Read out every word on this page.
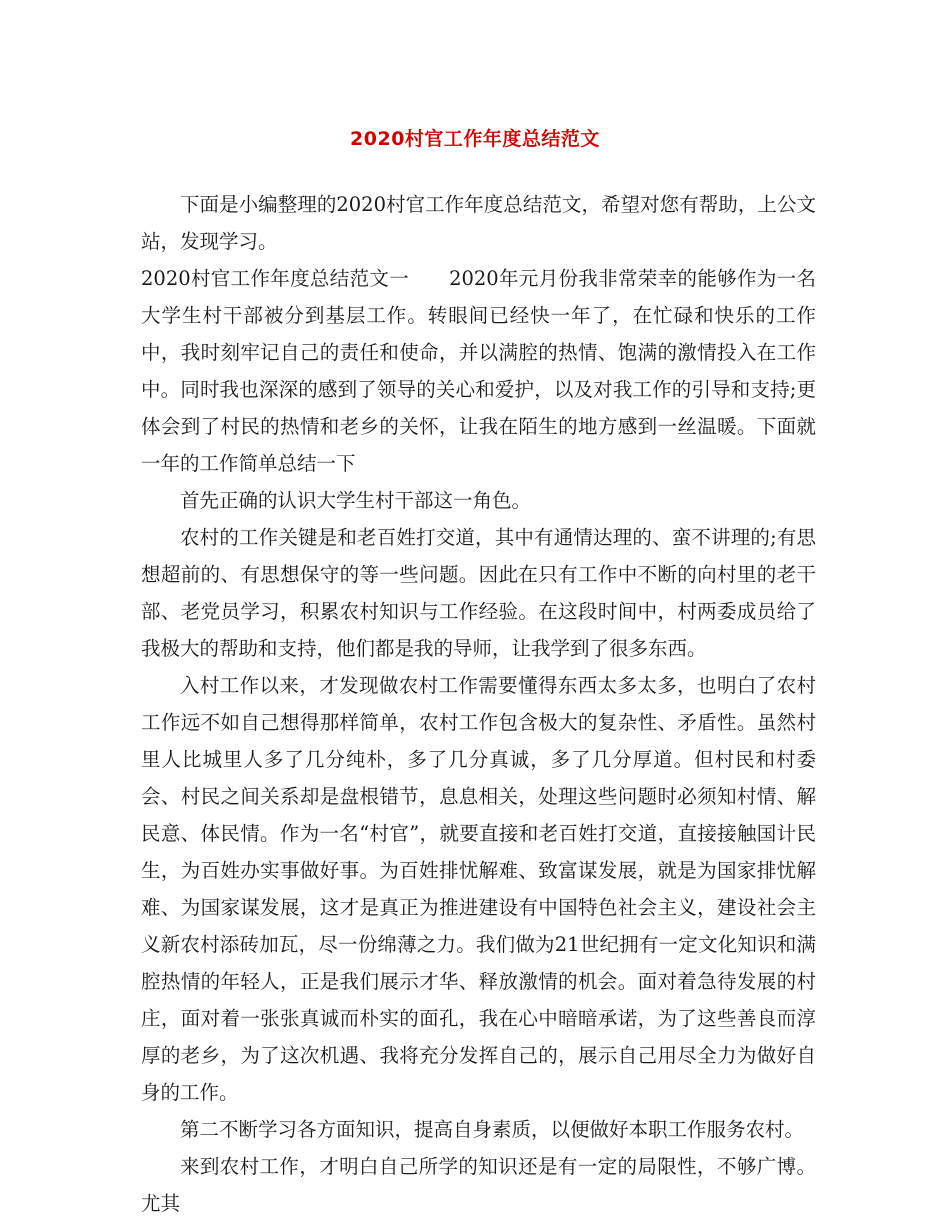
2020村官工作年度总结范文

下面是小编整理的2020村官工作年度总结范文，希望对您有帮助，上公文站，发现学习。

2020村官工作年度总结范文一 2020年元月份我非常荣幸的能够作为一名大学生村干部被分到基层工作。转眼间已经快一年了，在忙碌和快乐的工作中，我时刻牢记自己的责任和使命，并以满腔的热情、饱满的激情投入在工作中。同时我也深深的感到了领导的关心和爱护，以及对我工作的引导和支持;更体会到了村民的热情和老乡的关怀，让我在陌生的地方感到一丝温暖。下面就一年的工作简单总结一下

首先正确的认识大学生村干部这一角色。

农村的工作关键是和老百姓打交道，其中有通情达理的、蛮不讲理的;有思想超前的、有思想保守的等一些问题。因此在只有工作中不断的向村里的老干部、老党员学习，积累农村知识与工作经验。在这段时间中，村两委成员给了我极大的帮助和支持，他们都是我的导师，让我学到了很多东西。

入村工作以来，才发现做农村工作需要懂得东西太多太多，也明白了农村工作远不如自己想得那样简单，农村工作包含极大的复杂性、矛盾性。虽然村里人比城里人多了几分纯朴，多了几分真诚，多了几分厚道。但村民和村委会、村民之间关系却是盘根错节，息息相关，处理这些问题时必须知村情、解民意、体民情。作为一名“村官”，就要直接和老百姓打交道，直接接触国计民生，为百姓办实事做好事。为百姓排忧解难、致富谋发展，就是为国家排忧解难、为国家谋发展，这才是真正为推进建设有中国特色社会主义，建设社会主义新农村添砖加瓦，尽一份绵薄之力。我们做为21世纪拥有一定文化知识和满腔热情的年轻人，正是我们展示才华、释放激情的机会。面对着急待发展的村庄，面对着一张张真诚而朴实的面孔，我在心中暗暗承诺，为了这些善良而淳厚的老乡，为了这次机遇、我将充分发挥自己的，展示自己用尽全力为做好自身的工作。

第二不断学习各方面知识，提高自身素质，以便做好本职工作服务农村。

来到农村工作，才明白自己所学的知识还是有一定的局限性，不够广博。尤其
